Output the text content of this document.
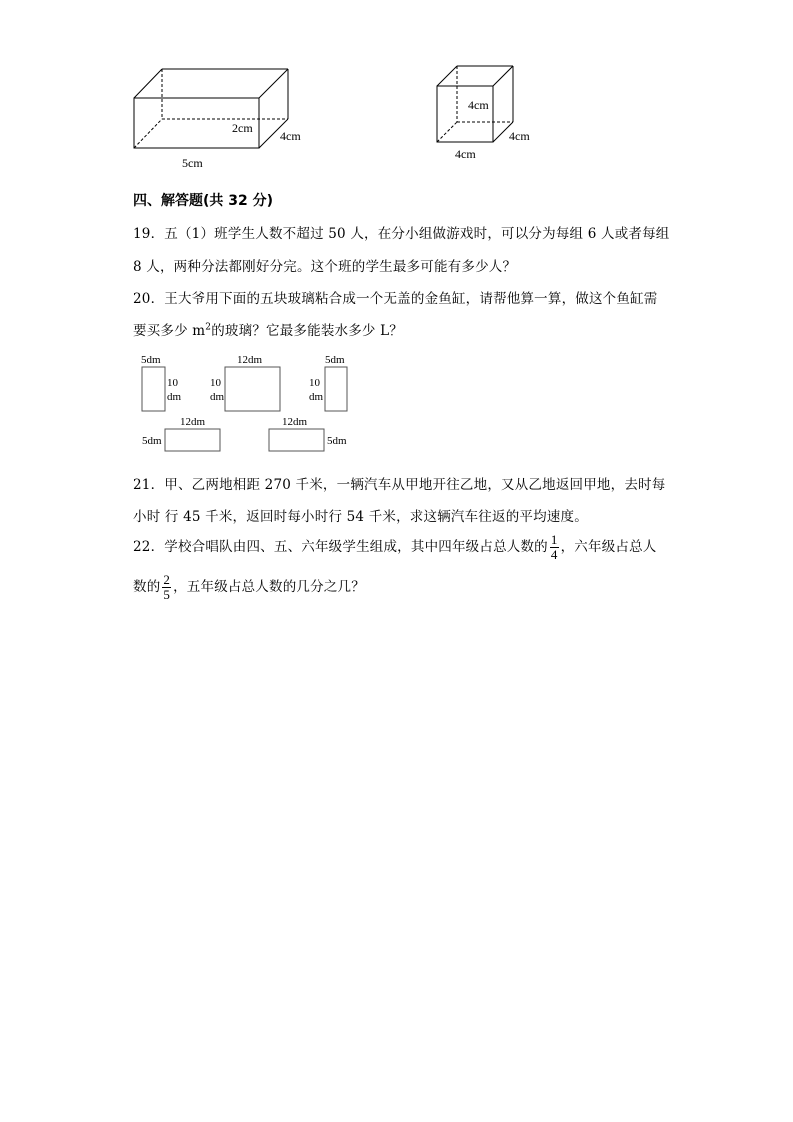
2cm
4cm
5cm
4cm
4cm
4cm
四、解答题(共 32 分)
19．五（1）班学生人数不超过 50 人，在分小组做游戏时，可以分为每组 6 人或者每组
8 人，两种分法都刚好分完。这个班的学生最多可能有多少人？
20．王大爷用下面的五块玻璃粘合成一个无盖的金鱼缸，请帮他算一算，做这个鱼缸需
要买多少 $m^2$的玻璃？它最多能装水多少 L？
5dm
10
dm
12dm
10
dm
5dm
10
dm
12dm
5dm
12dm
5dm
21．甲、乙两地相距 270 千米，一辆汽车从甲地开往乙地，又从乙地返回甲地，去时每
小时 行 45 千米，返回时每小时行 54 千米，求这辆汽车往返的平均速度。
22．学校合唱队由四、五、六年级学生组成，其中四年级占总人数的 $\frac{1}{4}$ ，六年级占总人
数的 $\frac{2}{5}$ ，五年级占总人数的几分之几？
